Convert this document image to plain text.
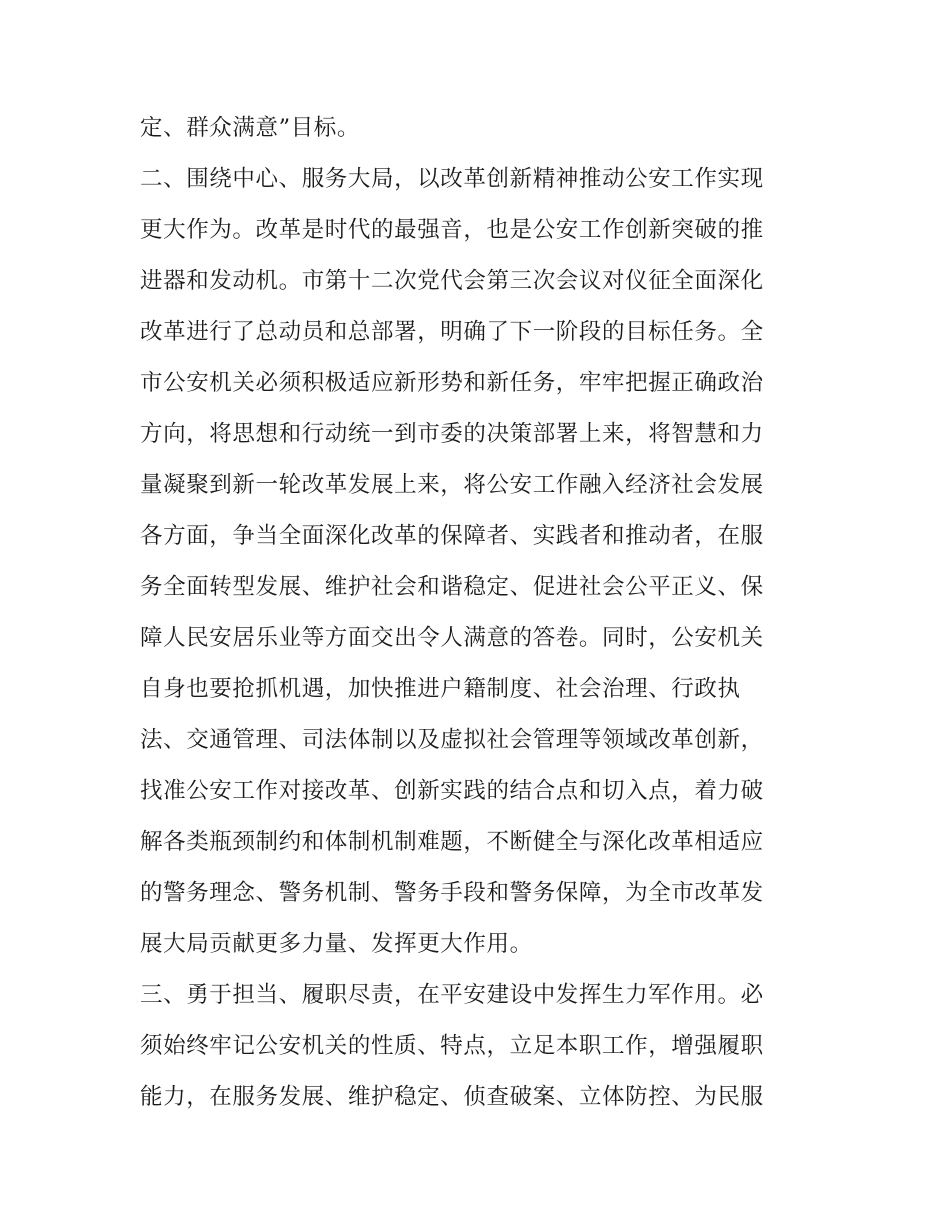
定、群众满意”目标。
二、围绕中心、服务大局，以改革创新精神推动公安工作实现
更大作为。改革是时代的最强音，也是公安工作创新突破的推
进器和发动机。市第十二次党代会第三次会议对仪征全面深化
改革进行了总动员和总部署，明确了下一阶段的目标任务。全
市公安机关必须积极适应新形势和新任务，牢牢把握正确政治
方向，将思想和行动统一到市委的决策部署上来，将智慧和力
量凝聚到新一轮改革发展上来，将公安工作融入经济社会发展
各方面，争当全面深化改革的保障者、实践者和推动者，在服
务全面转型发展、维护社会和谐稳定、促进社会公平正义、保
障人民安居乐业等方面交出令人满意的答卷。同时，公安机关
自身也要抢抓机遇，加快推进户籍制度、社会治理、行政执
法、交通管理、司法体制以及虚拟社会管理等领域改革创新，
找准公安工作对接改革、创新实践的结合点和切入点，着力破
解各类瓶颈制约和体制机制难题，不断健全与深化改革相适应
的警务理念、警务机制、警务手段和警务保障，为全市改革发
展大局贡献更多力量、发挥更大作用。
三、勇于担当、履职尽责，在平安建设中发挥生力军作用。必
须始终牢记公安机关的性质、特点，立足本职工作，增强履职
能力，在服务发展、维护稳定、侦查破案、立体防控、为民服
